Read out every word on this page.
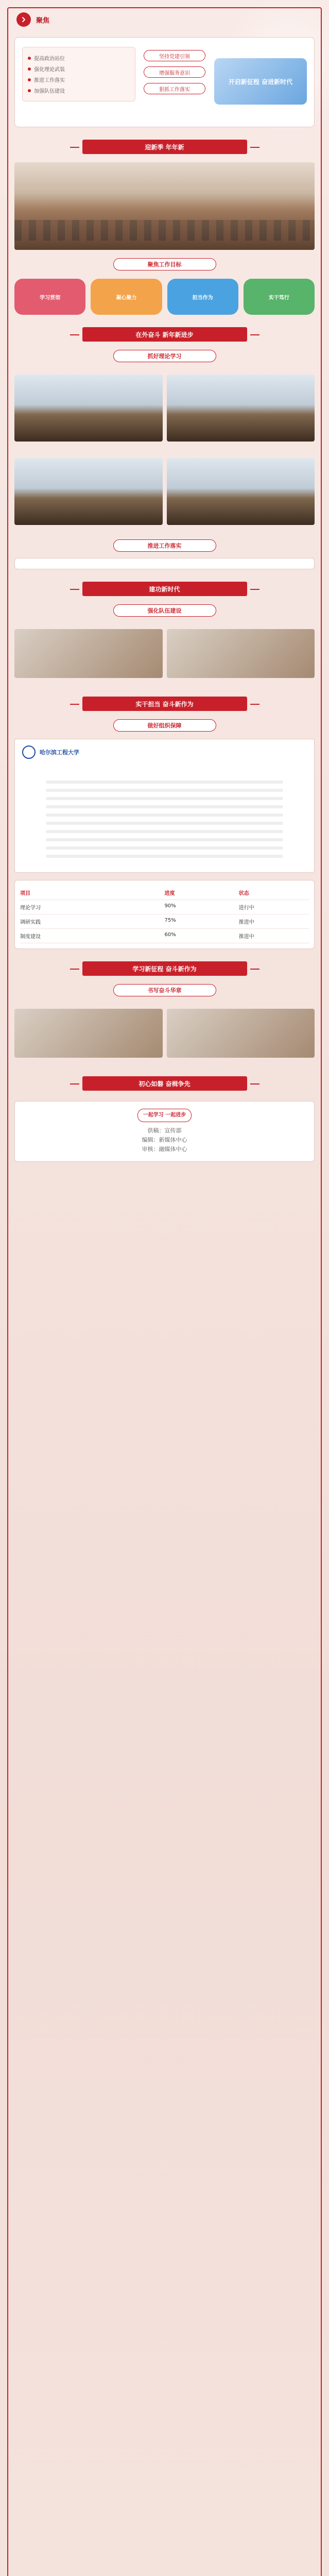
聚焦
提高政治站位
强化理论武装
推进工作落实
加强队伍建设
坚持党建引领
增强服务意识
狠抓工作落实
开启新征程 奋进新时代
迎新季 年年新
聚焦工作目标
学习贯彻	凝心聚力	担当作为	实干笃行
在外奋斗 新年新进步
抓好理论学习
推进工作落实
建功新时代
强化队伍建设
实干担当 奋斗新作为
做好组织保障
哈尔滨工程大学
项目	进度	状态
理论学习	90%	进行中
调研实践	75%	推进中
制度建设	60%	推进中
学习新征程 奋斗新作为
书写奋斗华章
初心如磐 奋楫争先
一起学习 一起进步
供稿：宣传部
编辑：新媒体中心
审核：融媒体中心
